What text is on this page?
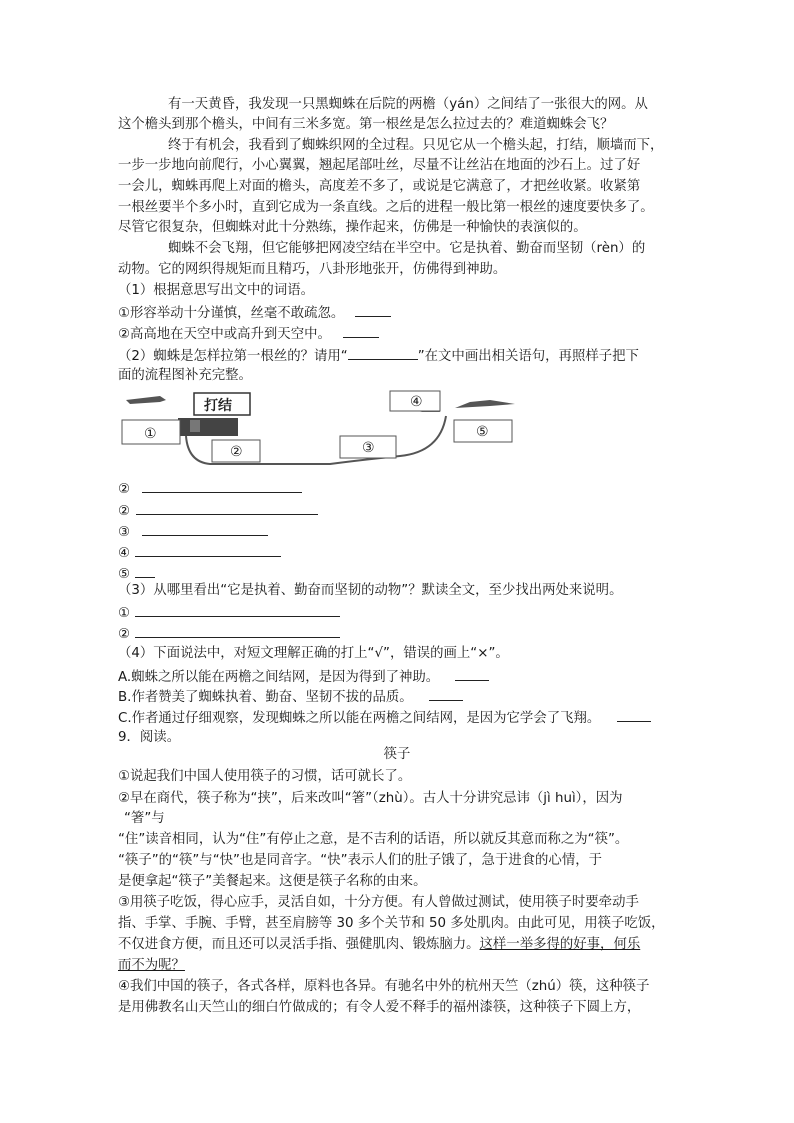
有一天黄昏，我发现一只黑蜘蛛在后院的两檐（yán）之间结了一张很大的网。从
这个檐头到那个檐头，中间有三米多宽。第一根丝是怎么拉过去的？难道蜘蛛会飞？
终于有机会，我看到了蜘蛛织网的全过程。只见它从一个檐头起，打结，顺墙而下，
一步一步地向前爬行，小心翼翼，翘起尾部吐丝，尽量不让丝沾在地面的沙石上。过了好
一会儿，蜘蛛再爬上对面的檐头，高度差不多了，或说是它满意了，才把丝收紧。收紧第
一根丝要半个多小时，直到它成为一条直线。之后的进程一般比第一根丝的速度要快多了。
尽管它很复杂，但蜘蛛对此十分熟练，操作起来，仿佛是一种愉快的表演似的。
蜘蛛不会飞翔，但它能够把网凌空结在半空中。它是执着、勤奋而坚韧（rèn）的
动物。它的网织得规矩而且精巧，八卦形地张开，仿佛得到神助。
（1）根据意思写出文中的词语。
①形容举动十分谨慎，丝毫不敢疏忽。
②高高地在天空中或高升到天空中。
（2）蜘蛛是怎样拉第一根丝的？请用“	”在文中画出相关语句，再照样子把下
面的流程图补充完整。
打结
①
②	③
④
⑤
②
②
③
④
⑤
（3）从哪里看出“它是执着、勤奋而坚韧的动物”？默读全文，至少找出两处来说明。
①
②
（4）下面说法中，对短文理解正确的打上“√”，错误的画上“×”。
A.蜘蛛之所以能在两檐之间结网，是因为得到了神助。
B.作者赞美了蜘蛛执着、勤奋、坚韧不拔的品质。
C.作者通过仔细观察，发现蜘蛛之所以能在两檐之间结网，是因为它学会了飞翔。
9．阅读。
筷子
①说起我们中国人使用筷子的习惯，话可就长了。
②早在商代，筷子称为“挟”，后来改叫“箸”（zhù）。古人十分讲究忌讳（jì huì），因为
“箸”与
“住”读音相同，认为“住”有停止之意，是不吉利的话语，所以就反其意而称之为“筷”。
“筷子”的“筷”与“快”也是同音字。“快”表示人们的肚子饿了，急于进食的心情，于
是便拿起“筷子”美餐起来。这便是筷子名称的由来。
③用筷子吃饭，得心应手，灵活自如，十分方便。有人曾做过测试，使用筷子时要牵动手
指、手掌、手腕、手臂，甚至肩膀等 30 多个关节和 50 多处肌肉。由此可见，用筷子吃饭，
不仅进食方便，而且还可以灵活手指、强健肌肉、锻炼脑力。这样一举多得的好事，何乐
而不为呢？
④我们中国的筷子，各式各样，原料也各异。有驰名中外的杭州天竺（zhú）筷，这种筷子
是用佛教名山天竺山的细白竹做成的；有令人爱不释手的福州漆筷，这种筷子下圆上方，
